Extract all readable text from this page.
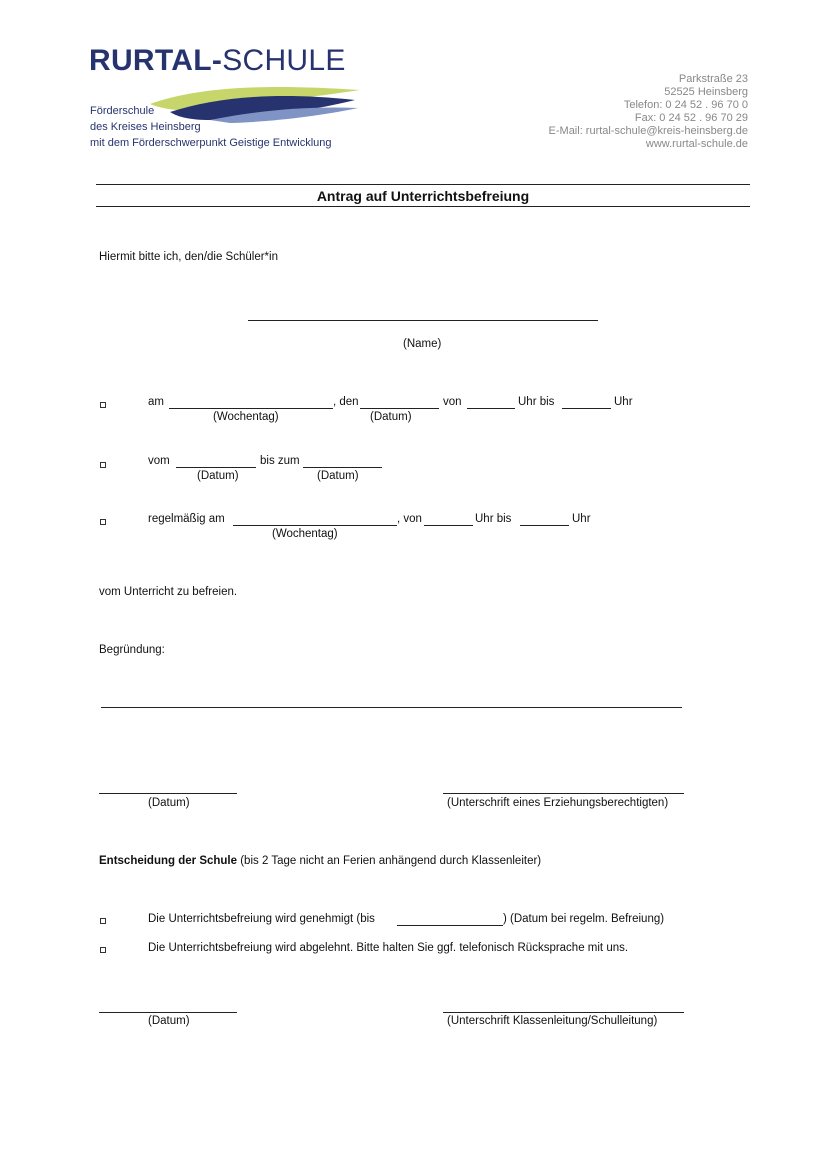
RURTAL-SCHULE
Förderschule
des Kreises Heinsberg
mit dem Förderschwerpunkt Geistige Entwicklung
Parkstraße 23
52525 Heinsberg
Telefon: 0 24 52 . 96 70 0
Fax: 0 24 52 . 96 70 29
E-Mail: rurtal-schule@kreis-heinsberg.de
www.rurtal-schule.de
Antrag auf Unterrichtsbefreiung
Hiermit bitte ich, den/die Schüler*in
(Name)
am	, den	von	Uhr bis	Uhr
(Wochentag)	(Datum)
vom	bis zum
(Datum)	(Datum)
regelmäßig am	, von	Uhr bis	Uhr
(Wochentag)
vom Unterricht zu befreien.
Begründung:
(Datum)	(Unterschrift eines Erziehungsberechtigten)
Entscheidung der Schule (bis 2 Tage nicht an Ferien anhängend durch Klassenleiter)
Die Unterrichtsbefreiung wird genehmigt (bis	) (Datum bei regelm. Befreiung)
Die Unterrichtsbefreiung wird abgelehnt. Bitte halten Sie ggf. telefonisch Rücksprache mit uns.
(Datum)	(Unterschrift Klassenleitung/Schulleitung)
